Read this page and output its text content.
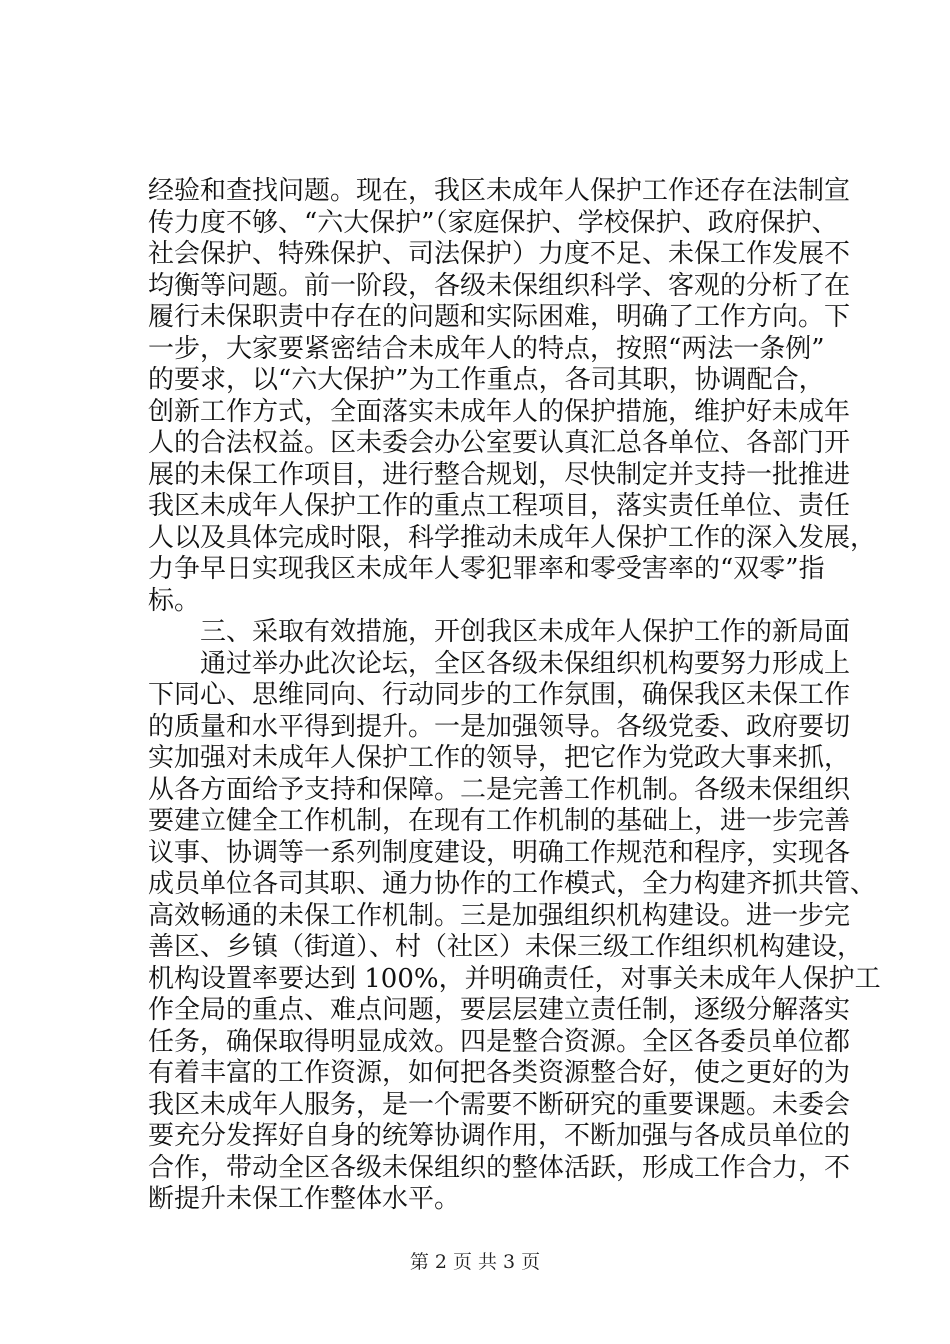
经验和查找问题。现在，我区未成年人保护工作还存在法制宣
传力度不够、“六大保护”（家庭保护、学校保护、政府保护、
社会保护、特殊保护、司法保护）力度不足、未保工作发展不
均衡等问题。前一阶段，各级未保组织科学、客观的分析了在
履行未保职责中存在的问题和实际困难，明确了工作方向。下
一步，大家要紧密结合未成年人的特点，按照“两法一条例”
的要求，以“六大保护”为工作重点，各司其职，协调配合，
创新工作方式，全面落实未成年人的保护措施，维护好未成年
人的合法权益。区未委会办公室要认真汇总各单位、各部门开
展的未保工作项目，进行整合规划，尽快制定并支持一批推进
我区未成年人保护工作的重点工程项目，落实责任单位、责任
人以及具体完成时限，科学推动未成年人保护工作的深入发展，
力争早日实现我区未成年人零犯罪率和零受害率的“双零”指
标。
三、采取有效措施，开创我区未成年人保护工作的新局面
通过举办此次论坛，全区各级未保组织机构要努力形成上
下同心、思维同向、行动同步的工作氛围，确保我区未保工作
的质量和水平得到提升。一是加强领导。各级党委、政府要切
实加强对未成年人保护工作的领导，把它作为党政大事来抓，
从各方面给予支持和保障。二是完善工作机制。各级未保组织
要建立健全工作机制，在现有工作机制的基础上，进一步完善
议事、协调等一系列制度建设，明确工作规范和程序，实现各
成员单位各司其职、通力协作的工作模式，全力构建齐抓共管、
高效畅通的未保工作机制。三是加强组织机构建设。进一步完
善区、乡镇（街道）、村（社区）未保三级工作组织机构建设，
机构设置率要达到 100%，并明确责任，对事关未成年人保护工
作全局的重点、难点问题，要层层建立责任制，逐级分解落实
任务，确保取得明显成效。四是整合资源。全区各委员单位都
有着丰富的工作资源，如何把各类资源整合好，使之更好的为
我区未成年人服务，是一个需要不断研究的重要课题。未委会
要充分发挥好自身的统筹协调作用，不断加强与各成员单位的
合作，带动全区各级未保组织的整体活跃，形成工作合力，不
断提升未保工作整体水平。
第 2 页 共 3 页
